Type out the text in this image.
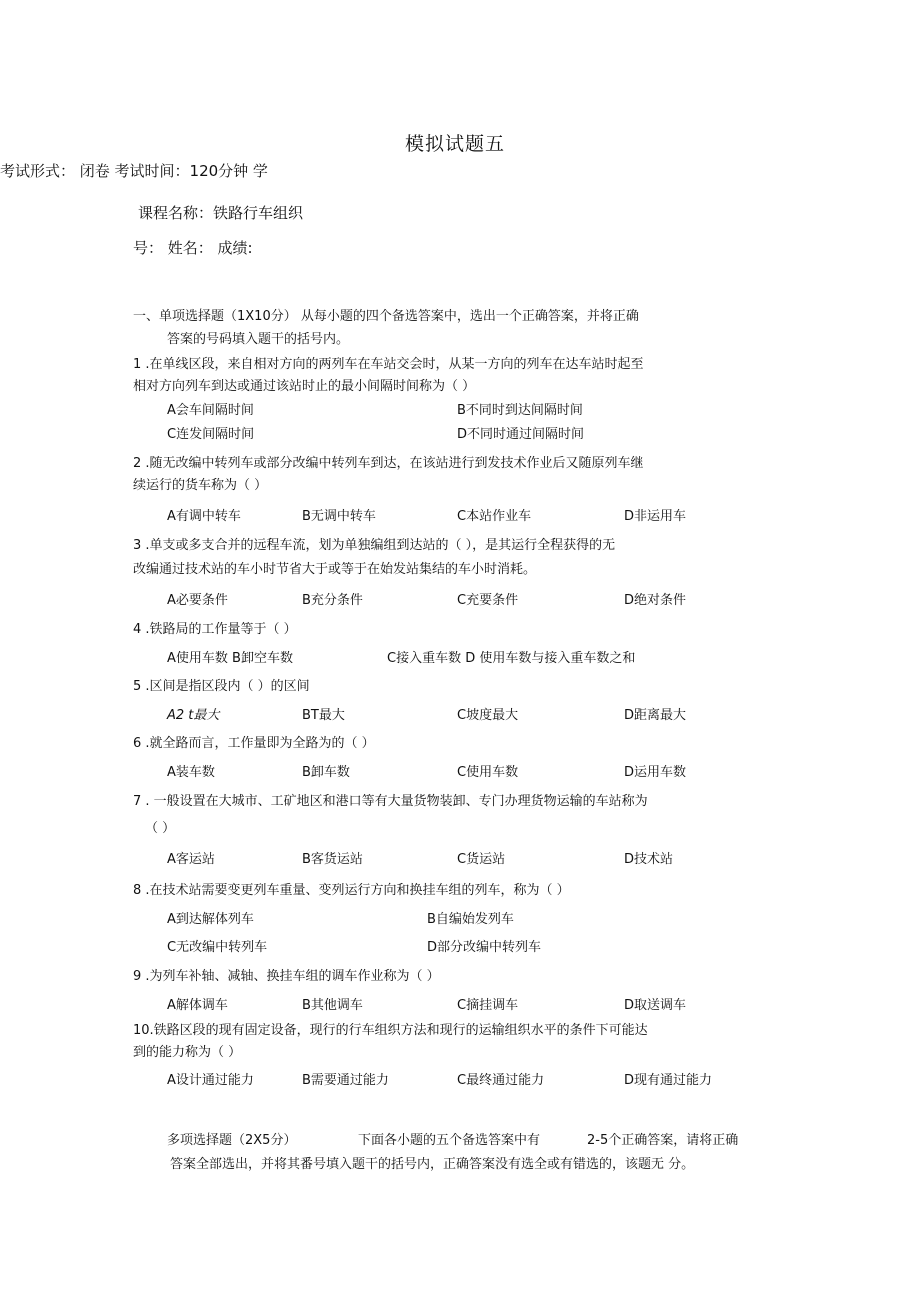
模拟试题五
考试形式： 闭卷 考试时间：120分钟 学
课程名称：铁路行车组织
号： 姓名： 成绩:
一、单项选择题（1X10分） 从每小题的四个备选答案中，选出一个正确答案，并将正确
答案的号码填入题干的括号内。
1 .在单线区段，来自相对方向的两列车在车站交会时，从某一方向的列车在达车站时起至
相对方向列车到达或通过该站时止的最小间隔时间称为（ ）
A会车间隔时间	B不同时到达间隔时间
C连发间隔时间	D不同时通过间隔时间
2 .随无改编中转列车或部分改编中转列车到达，在该站进行到发技术作业后又随原列车继
续运行的货车称为（ ）
A有调中转车	B无调中转车	C本站作业车	D非运用车
3 .单支或多支合并的远程车流，划为单独编组到达站的（ ），是其运行全程获得的无
改编通过技术站的车小时节省大于或等于在始发站集结的车小时消耗。
A必要条件	B充分条件	C充要条件	D绝对条件
4 .铁路局的工作量等于（ ）
A使用车数 B卸空车数	C接入重车数 D 使用车数与接入重车数之和
5 .区间是指区段内（ ）的区间
A2 t最大	BT最大	C坡度最大	D距离最大
6 .就全路而言，工作量即为全路为的（ ）
A装车数	B卸车数	C使用车数	D运用车数
7 . 一般设置在大城市、工矿地区和港口等有大量货物装卸、专门办理货物运输的车站称为
（ ）
A客运站	B客货运站	C货运站	D技术站
8 .在技术站需要变更列车重量、变列运行方向和换挂车组的列车，称为（ ）
A到达解体列车	B自编始发列车
C无改编中转列车	D部分改编中转列车
9 .为列车补轴、减轴、换挂车组的调车作业称为（ ）
A解体调车	B其他调车	C摘挂调车	D取送调车
10.铁路区段的现有固定设备，现行的行车组织方法和现行的运输组织水平的条件下可能达
到的能力称为（ ）
A设计通过能力	B需要通过能力	C最终通过能力	D现有通过能力
多项选择题（2X5分）	下面各小题的五个备选答案中有	2-5个正确答案，请将正确
答案全部选出，并将其番号填入题干的括号内，正确答案没有选全或有错选的，该题无 分。
